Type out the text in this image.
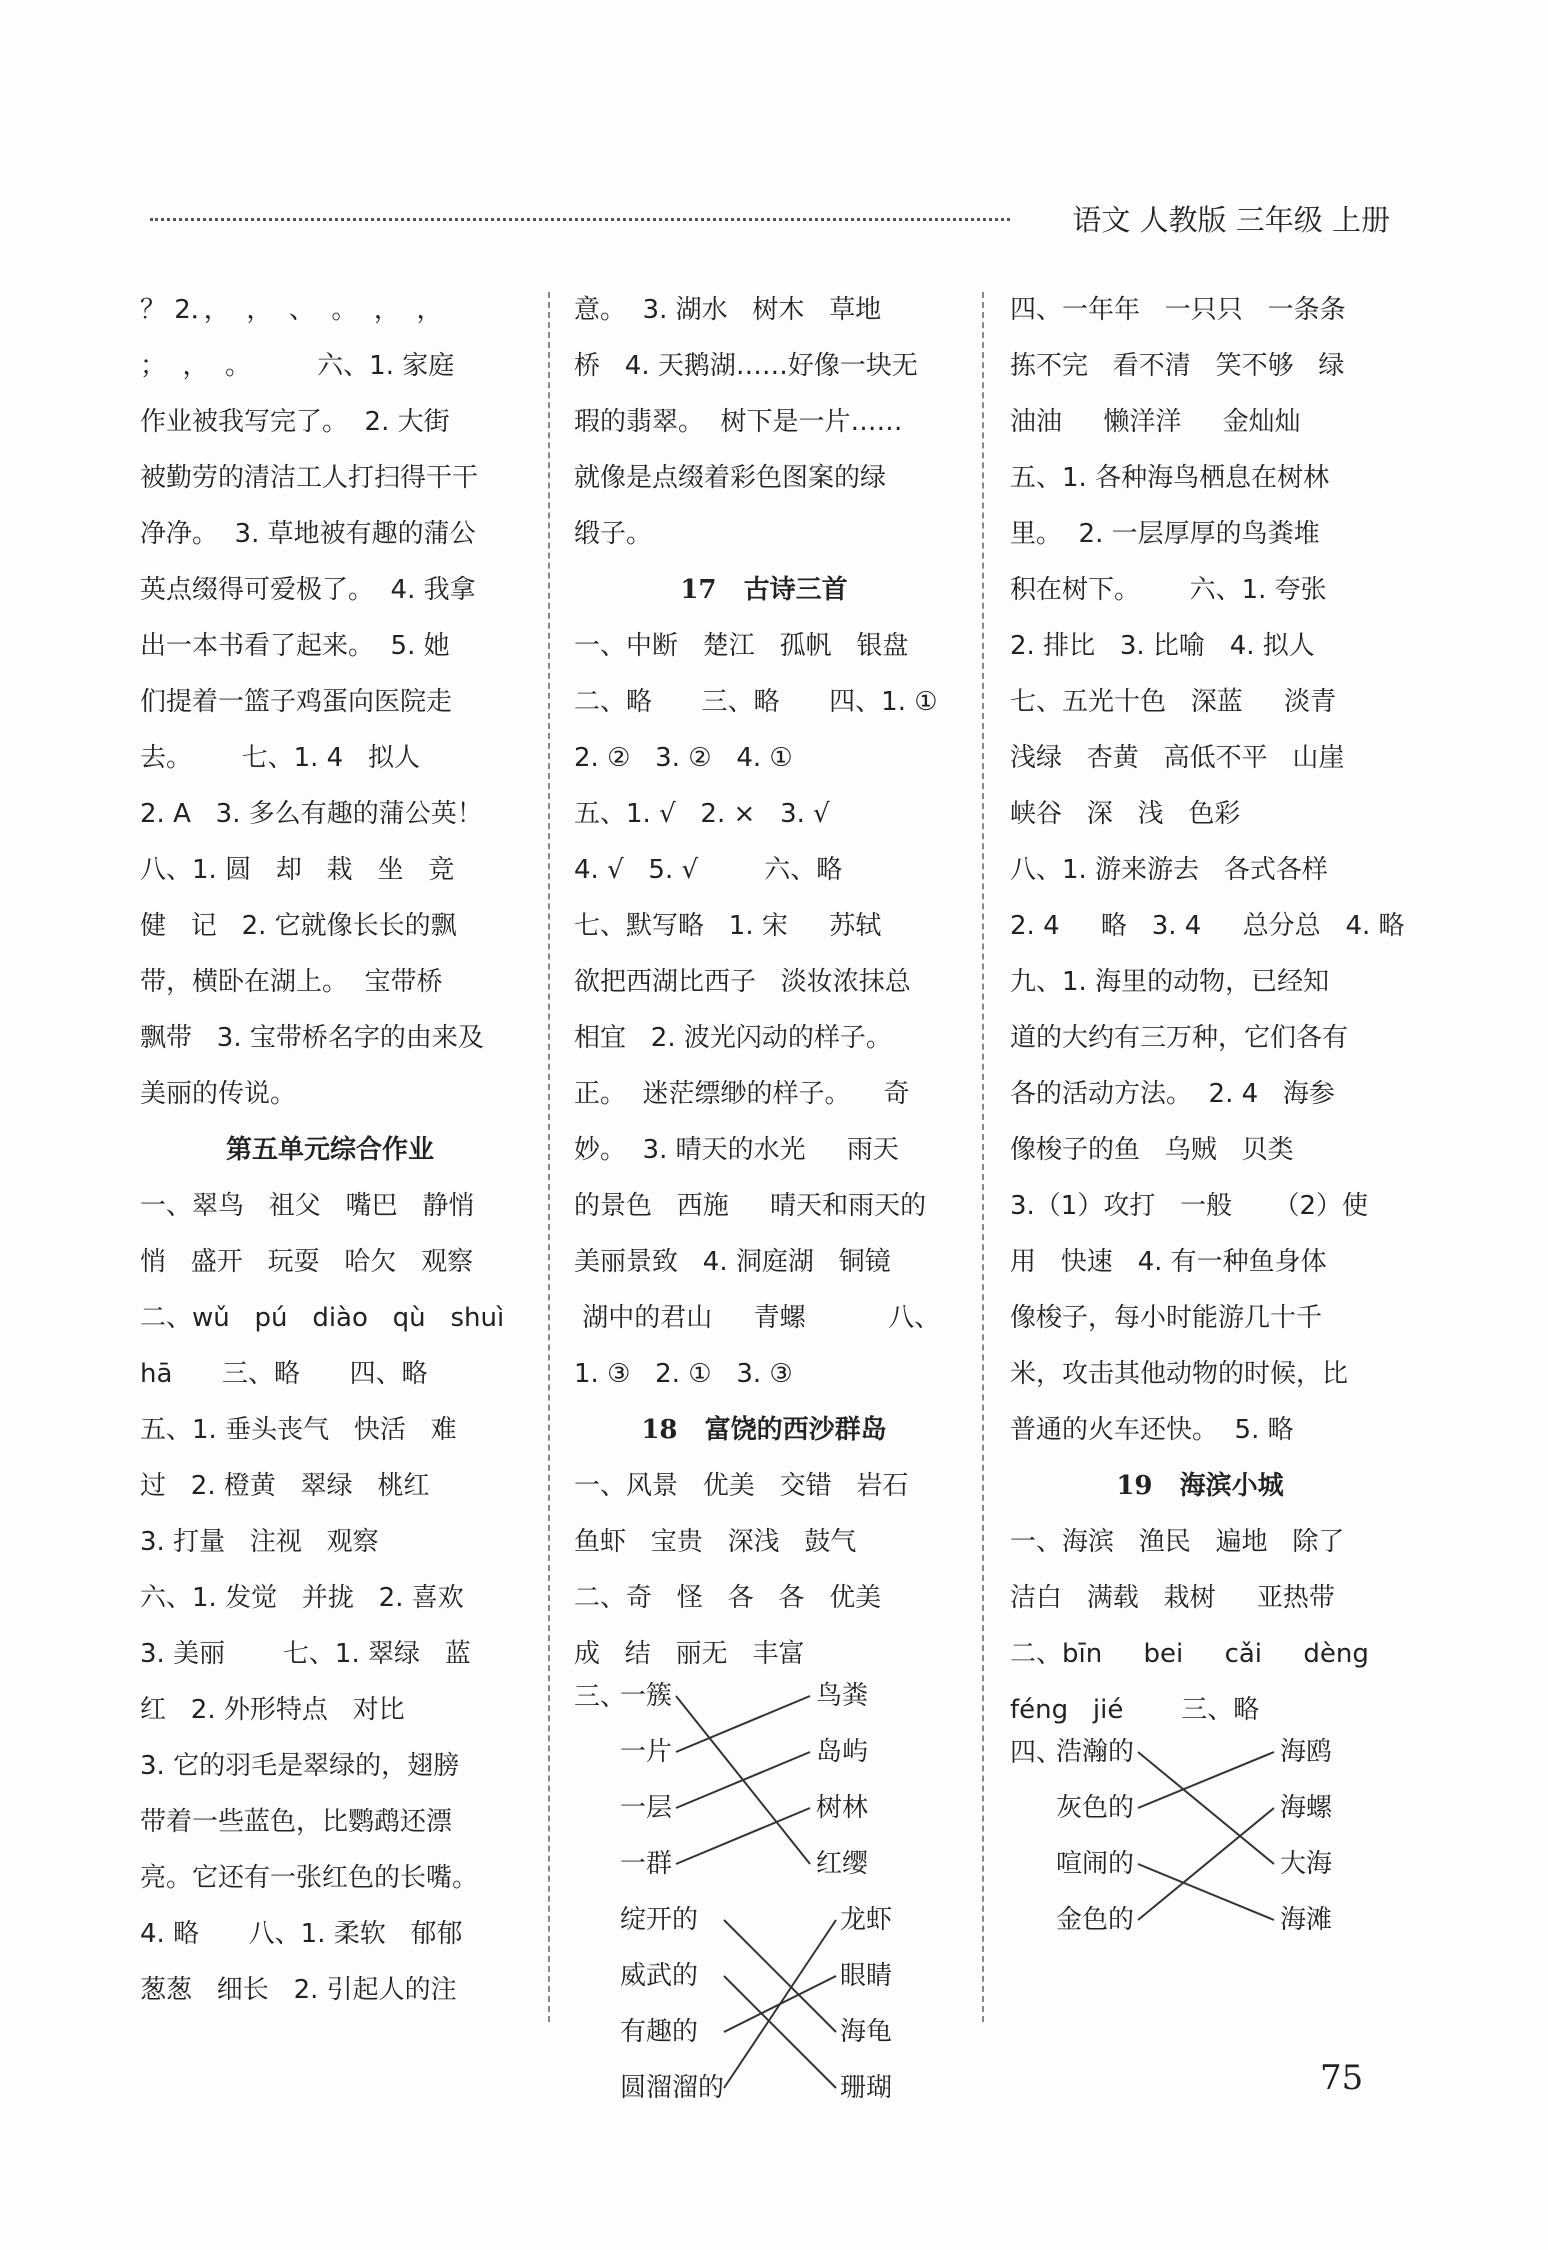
语文 人教版 三年级 上册
？ 2．，  ，  、  。  ，  ，
；  ，  。        六、1. 家庭
作业被我写完了。  2. 大街
被勤劳的清洁工人打扫得干干
净净。  3. 草地被有趣的蒲公
英点缀得可爱极了。  4. 我拿
出一本书看了起来。  5. 她
们提着一篮子鸡蛋向医院走
去。      七、1. 4   拟人
2. A   3. 多么有趣的蒲公英！
八、1. 圆   却   栽   坐   竞
健   记   2. 它就像长长的飘
带，横卧在湖上。  宝带桥
飘带   3. 宝带桥名字的由来及
美丽的传说。
第五单元综合作业
一、翠鸟   祖父   嘴巴   静悄
悄   盛开   玩耍   哈欠   观察
二、wǔ   pú   diào   qù   shuì
hā      三、略      四、略
五、1. 垂头丧气   快活   难
过   2. 橙黄   翠绿   桃红
3. 打量   注视   观察
六、1. 发觉   并拢   2. 喜欢
3. 美丽       七、1. 翠绿   蓝
红   2. 外形特点   对比
3. 它的羽毛是翠绿的，翅膀
带着一些蓝色，比鹦鹉还漂
亮。它还有一张红色的长嘴。
4. 略      八、1. 柔软   郁郁
葱葱   细长   2. 引起人的注
意。  3. 湖水   树木   草地
桥   4. 天鹅湖……好像一块无
瑕的翡翠。  树下是一片……
就像是点缀着彩色图案的绿
缎子。
17   古诗三首
一、中断   楚江   孤帆   银盘
二、略      三、略      四、1. ①
2. ②   3. ②   4. ①
五、1. √   2. ×   3. √
4. √   5. √        六、略
七、默写略   1. 宋     苏轼
欲把西湖比西子   淡妆浓抹总
相宜   2. 波光闪动的样子。
正。  迷茫缥缈的样子。    奇
妙。  3. 晴天的水光     雨天
的景色   西施     晴天和雨天的
美丽景致   4. 洞庭湖   铜镜
湖中的君山     青螺          八、
1. ③   2. ①   3. ③
18   富饶的西沙群岛
一、风景   优美   交错   岩石
鱼虾   宝贵   深浅   鼓气
二、奇   怪   各   各   优美
成   结   丽无   丰富
三、
一簇
一片
一层
一群
鸟粪
岛屿
树林
红缨
绽开的
威武的
有趣的
圆溜溜的
龙虾
眼睛
海龟
珊瑚
四、一年年   一只只   一条条
拣不完   看不清   笑不够   绿
油油     懒洋洋     金灿灿
五、1. 各种海鸟栖息在树林
里。  2. 一层厚厚的鸟粪堆
积在树下。      六、1. 夸张
2. 排比   3. 比喻   4. 拟人
七、五光十色   深蓝     淡青
浅绿   杏黄   高低不平   山崖
峡谷   深   浅   色彩
八、1. 游来游去   各式各样
2. 4     略   3. 4     总分总   4. 略
九、1. 海里的动物，已经知
道的大约有三万种，它们各有
各的活动方法。  2. 4   海参
像梭子的鱼   乌贼   贝类
3.（1）攻打   一般     （2）使
用   快速   4. 有一种鱼身体
像梭子，每小时能游几十千
米，攻击其他动物的时候，比
普通的火车还快。  5. 略
19   海滨小城
一、海滨   渔民   遍地   除了
洁白   满载   栽树     亚热带
二、bīn     bei     cǎi     dèng
féng   jié       三、略
四、
浩瀚的
灰色的
喧闹的
金色的
海鸥
海螺
大海
海滩
75
